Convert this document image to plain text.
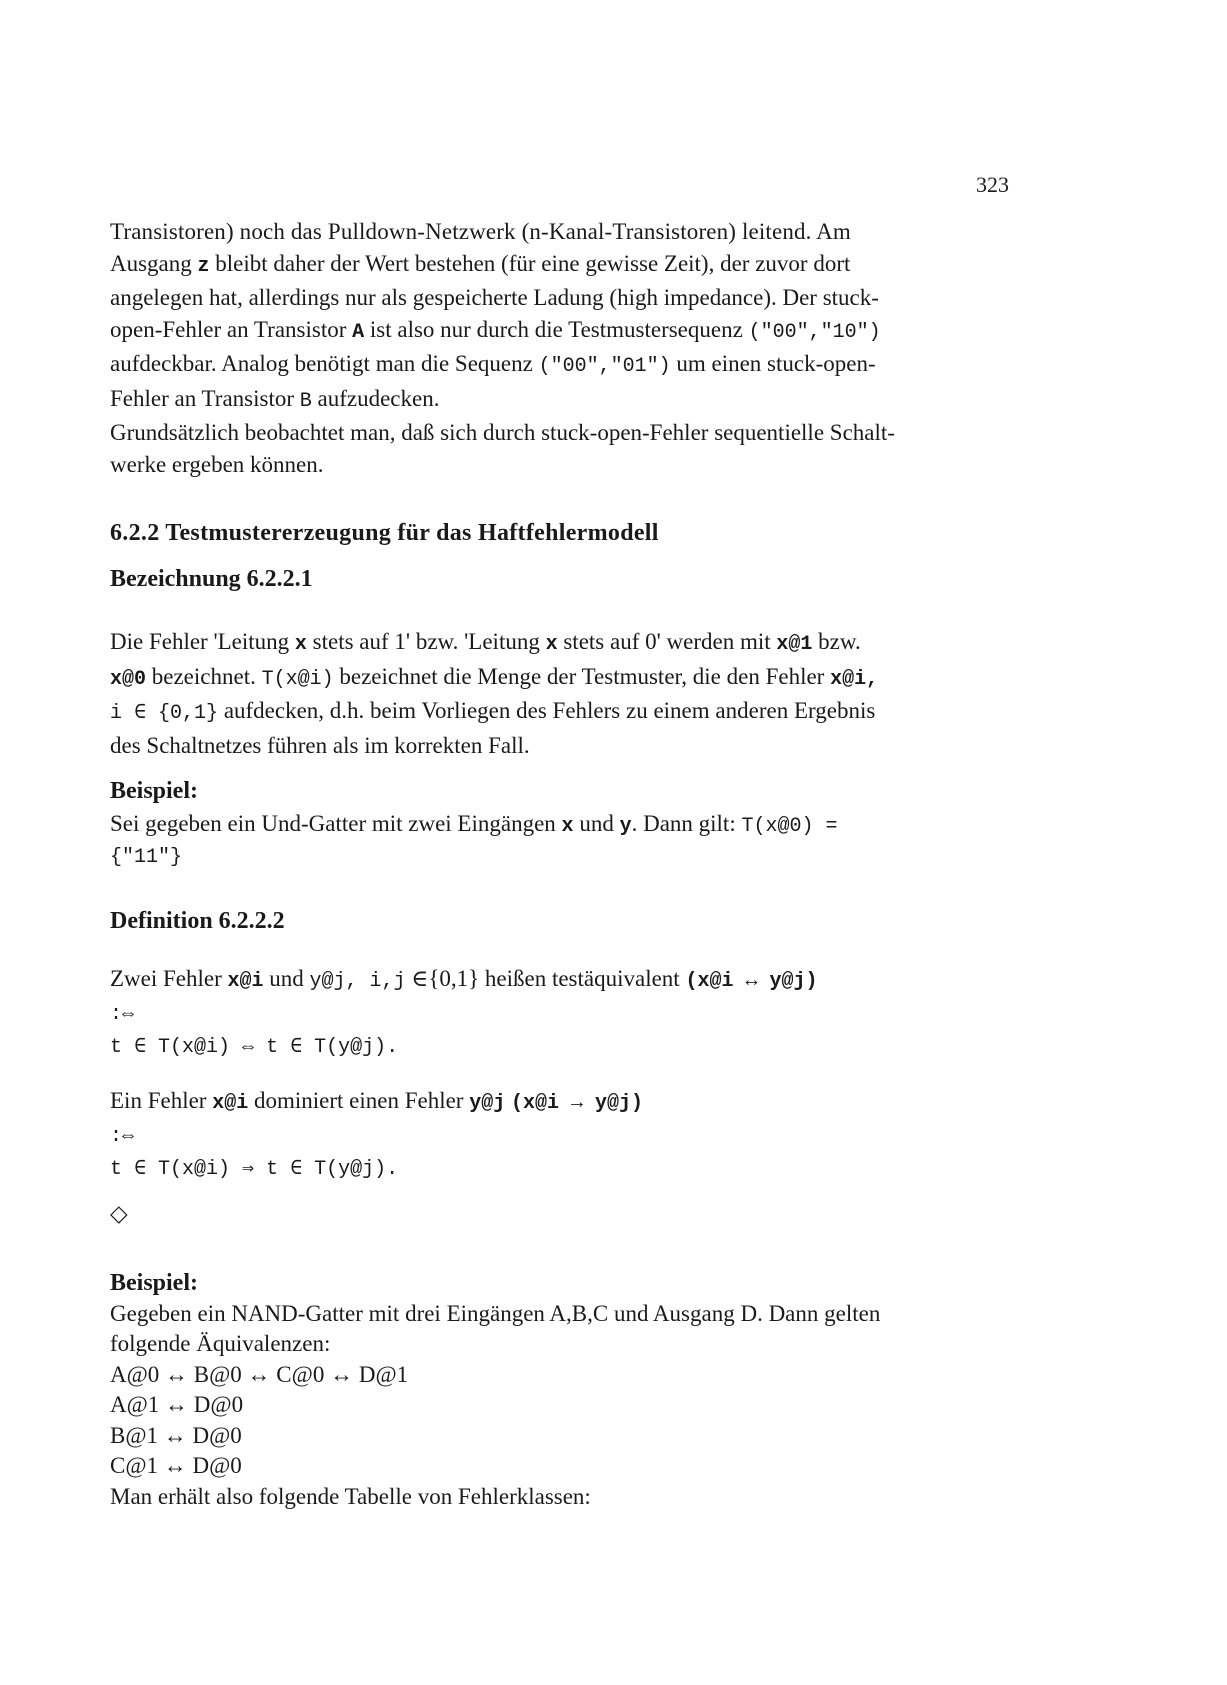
323
Transistoren) noch das Pulldown-Netzwerk (n-Kanal-Transistoren) leitend. Am
Ausgang z bleibt daher der Wert bestehen (für eine gewisse Zeit), der zuvor dort
angelegen hat, allerdings nur als gespeicherte Ladung (high impedance). Der stuck-
open-Fehler an Transistor A ist also nur durch die Testmustersequenz ("00","10")
aufdeckbar. Analog benötigt man die Sequenz ("00","01") um einen stuck-open-
Fehler an Transistor B aufzudecken.
Grundsätzlich beobachtet man, daß sich durch stuck-open-Fehler sequentielle Schalt-
werke ergeben können.
6.2.2 Testmustererzeugung für das Haftfehlermodell
Bezeichnung 6.2.2.1
Die Fehler 'Leitung x stets auf 1' bzw. 'Leitung x stets auf 0' werden mit x@1 bzw.
x@0 bezeichnet. T(x@i) bezeichnet die Menge der Testmuster, die den Fehler x@i,
i ∈ {0,1} aufdecken, d.h. beim Vorliegen des Fehlers zu einem anderen Ergebnis
des Schaltnetzes führen als im korrekten Fall.
Beispiel:
Sei gegeben ein Und-Gatter mit zwei Eingängen x und y. Dann gilt: T(x@0) =
{"11"}
Definition 6.2.2.2
Zwei Fehler x@i und y@j, i,j ∈{0,1} heißen testäquivalent (x@i ↔ y@j)
:⇔
t ∈ T(x@i) ⇔ t ∈ T(y@j).
Ein Fehler x@i dominiert einen Fehler y@j (x@i → y@j)
:⇔
t ∈ T(x@i) ⇒ t ∈ T(y@j).
◇
Beispiel:
Gegeben ein NAND-Gatter mit drei Eingängen A,B,C und Ausgang D. Dann gelten
folgende Äquivalenzen:
A@0 ↔ B@0 ↔ C@0 ↔ D@1
A@1 ↔ D@0
B@1 ↔ D@0
C@1 ↔ D@0
Man erhält also folgende Tabelle von Fehlerklassen:
